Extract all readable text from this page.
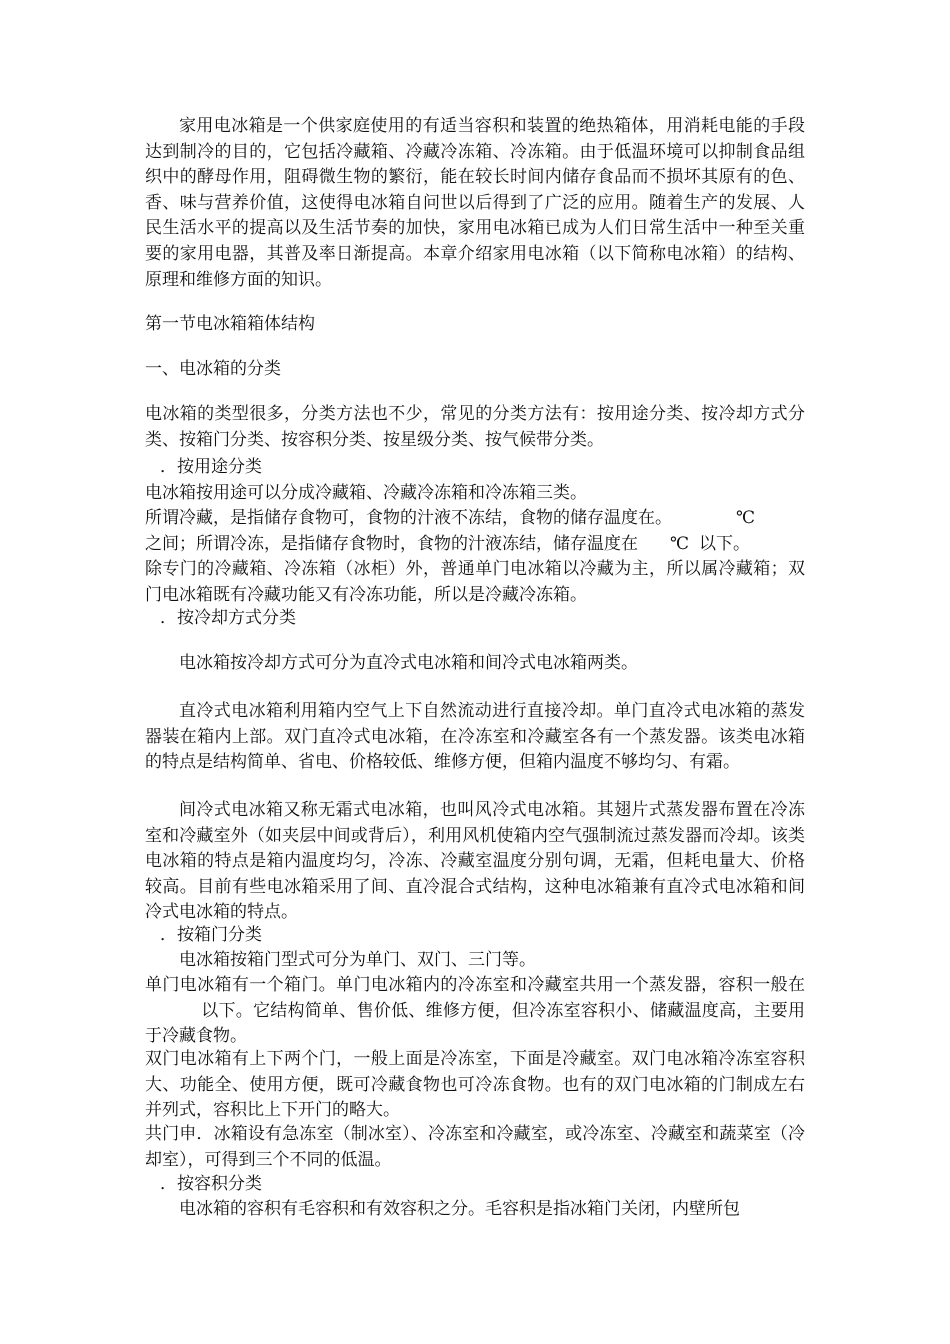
家用电冰箱是一个供家庭使用的有适当容积和装置的绝热箱体，用消耗电能的手段达到制冷的目的，它包括冷藏箱、冷藏冷冻箱、冷冻箱。由于低温环境可以抑制食品组织中的酵母作用，阻碍微生物的繁衍，能在较长时间内储存食品而不损坏其原有的色、香、味与营养价值，这使得电冰箱自问世以后得到了广泛的应用。随着生产的发展、人民生活水平的提高以及生活节奏的加快，家用电冰箱已成为人们日常生活中一种至关重要的家用电器，其普及率日渐提高。本章介绍家用电冰箱（以下简称电冰箱）的结构、原理和维修方面的知识。

第一节电冰箱箱体结构

一、电冰箱的分类

电冰箱的类型很多，分类方法也不少，常见的分类方法有：按用途分类、按冷却方式分类、按箱门分类、按容积分类、按星级分类、按气候带分类。

．按用途分类

电冰箱按用途可以分成冷藏箱、冷藏冷冻箱和冷冻箱三类。

所谓冷藏，是指储存食物可，食物的汁液不冻结，食物的储存温度在。	℃

之间；所谓冷冻，是指储存食物时，食物的汁液冻结，储存温度在 ℃ 以下。

除专门的冷藏箱、冷冻箱（冰柜）外，普通单门电冰箱以冷藏为主，所以属冷藏箱；双门电冰箱既有冷藏功能又有冷冻功能，所以是冷藏冷冻箱。

．按冷却方式分类

电冰箱按冷却方式可分为直冷式电冰箱和间冷式电冰箱两类。

直冷式电冰箱利用箱内空气上下自然流动进行直接冷却。单门直冷式电冰箱的蒸发器装在箱内上部。双门直冷式电冰箱，在冷冻室和冷藏室各有一个蒸发器。该类电冰箱的特点是结构简单、省电、价格较低、维修方便，但箱内温度不够均匀、有霜。

间冷式电冰箱又称无霜式电冰箱，也叫风冷式电冰箱。其翅片式蒸发器布置在冷冻室和冷藏室外（如夹层中间或背后），利用风机使箱内空气强制流过蒸发器而冷却。该类电冰箱的特点是箱内温度均匀，冷冻、冷藏室温度分别句调，无霜，但耗电量大、价格较高。目前有些电冰箱采用了间、直冷混合式结构，这种电冰箱兼有直冷式电冰箱和间冷式电冰箱的特点。

．按箱门分类

电冰箱按箱门型式可分为单门、双门、三门等。

单门电冰箱有一个箱门。单门电冰箱内的冷冻室和冷藏室共用一个蒸发器，容积一般在以下。它结构简单、售价低、维修方便，但冷冻室容积小、储藏温度高，主要用于冷藏食物。

双门电冰箱有上下两个门，一般上面是冷冻室，下面是冷藏室。双门电冰箱冷冻室容积大、功能全、使用方便，既可冷藏食物也可冷冻食物。也有的双门电冰箱的门制成左右并列式，容积比上下开门的略大。

共门申．冰箱设有急冻室（制冰室）、冷冻室和冷藏室，或冷冻室、冷藏室和蔬菜室（冷却室），可得到三个不同的低温。

．按容积分类

电冰箱的容积有毛容积和有效容积之分。毛容积是指冰箱门关闭，内壁所包
